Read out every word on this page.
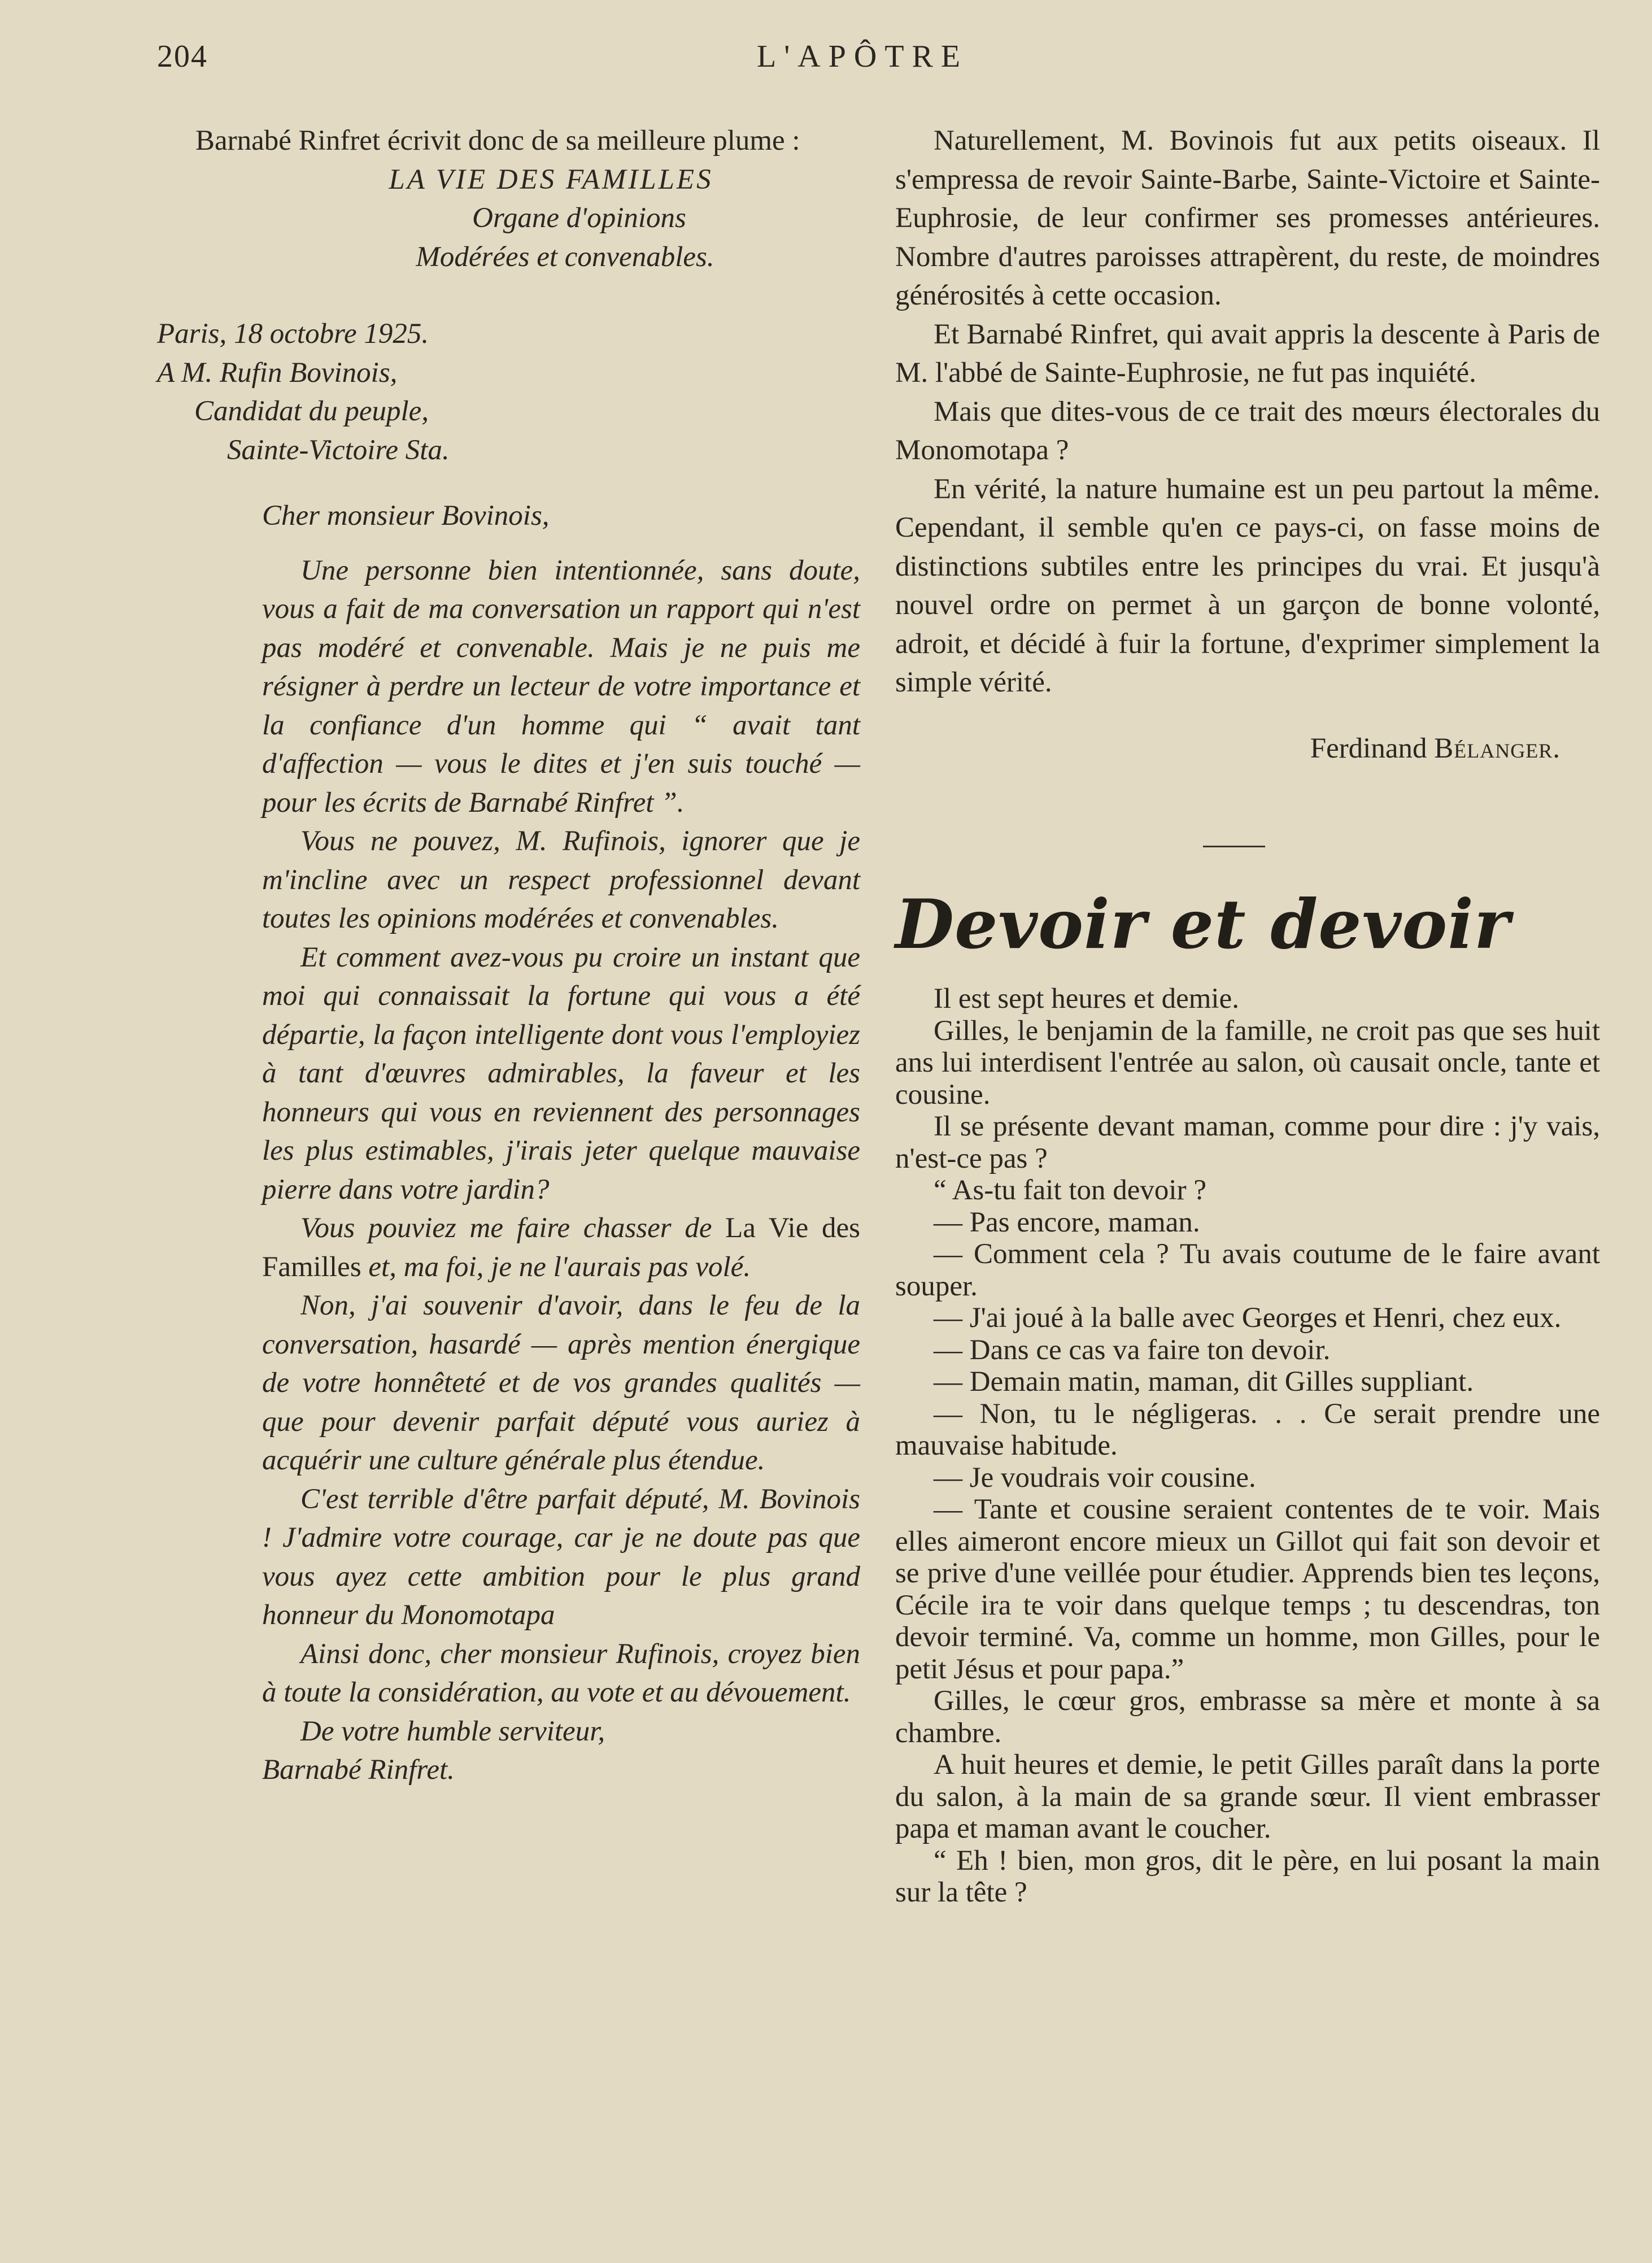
204	L'APÔTRE

Barnabé Rinfret écrivit donc de sa meilleure plume :

LA VIE DES FAMILLES

Organe d'opinions

Modérées et convenables.

Paris, 18 octobre 1925.

A M. Rufin Bovinois,

Candidat du peuple,

Sainte-Victoire Sta.

Cher monsieur Bovinois,

Une personne bien intentionnée, sans doute, vous a fait de ma conversation un rapport qui n'est pas modéré et convenable. Mais je ne puis me résigner à perdre un lecteur de votre importance et la confiance d'un homme qui “ avait tant d'affection — vous le dites et j'en suis touché — pour les écrits de Barnabé Rinfret ”.

Vous ne pouvez, M. Rufinois, ignorer que je m'incline avec un respect professionnel devant toutes les opinions modérées et convenables.

Et comment avez-vous pu croire un instant que moi qui connaissait la fortune qui vous a été départie, la façon intelligente dont vous l'employiez à tant d'œuvres admirables, la faveur et les honneurs qui vous en reviennent des personnages les plus estimables, j'irais jeter quelque mauvaise pierre dans votre jardin?

Vous pouviez me faire chasser de La Vie des Familles et, ma foi, je ne l'aurais pas volé.

Non, j'ai souvenir d'avoir, dans le feu de la conversation, hasardé — après mention énergique de votre honnêteté et de vos grandes qualités — que pour devenir parfait député vous auriez à acquérir une culture générale plus étendue.

C'est terrible d'être parfait député, M. Bovinois ! J'admire votre courage, car je ne doute pas que vous ayez cette ambition pour le plus grand honneur du Monomotapa

Ainsi donc, cher monsieur Rufinois, croyez bien à toute la considération, au vote et au dévouement.

De votre humble serviteur,

Barnabé Rinfret.

Naturellement, M. Bovinois fut aux petits oiseaux. Il s'empressa de revoir Sainte-Barbe, Sainte-Victoire et Sainte-Euphrosie, de leur confirmer ses promesses antérieures. Nombre d'autres paroisses attrapèrent, du reste, de moindres générosités à cette occasion.

Et Barnabé Rinfret, qui avait appris la descente à Paris de M. l'abbé de Sainte-Euphrosie, ne fut pas inquiété.

Mais que dites-vous de ce trait des mœurs électorales du Monomotapa ?

En vérité, la nature humaine est un peu partout la même. Cependant, il semble qu'en ce pays-ci, on fasse moins de distinctions subtiles entre les principes du vrai. Et jusqu'à nouvel ordre on permet à un garçon de bonne volonté, adroit, et décidé à fuir la fortune, d'exprimer simplement la simple vérité.

Ferdinand Bélanger.

Devoir et devoir

Il est sept heures et demie.

Gilles, le benjamin de la famille, ne croit pas que ses huit ans lui interdisent l'entrée au salon, où causait oncle, tante et cousine.

Il se présente devant maman, comme pour dire : j'y vais, n'est-ce pas ?

“ As-tu fait ton devoir ?

— Pas encore, maman.

— Comment cela ? Tu avais coutume de le faire avant souper.

— J'ai joué à la balle avec Georges et Henri, chez eux.

— Dans ce cas va faire ton devoir.

— Demain matin, maman, dit Gilles suppliant.

— Non, tu le négligeras. . . Ce serait prendre une mauvaise habitude.

— Je voudrais voir cousine.

— Tante et cousine seraient contentes de te voir. Mais elles aimeront encore mieux un Gillot qui fait son devoir et se prive d'une veillée pour étudier. Apprends bien tes leçons, Cécile ira te voir dans quelque temps ; tu descendras, ton devoir terminé. Va, comme un homme, mon Gilles, pour le petit Jésus et pour papa.”

Gilles, le cœur gros, embrasse sa mère et monte à sa chambre.

A huit heures et demie, le petit Gilles paraît dans la porte du salon, à la main de sa grande sœur. Il vient embrasser papa et maman avant le coucher.

“ Eh ! bien, mon gros, dit le père, en lui posant la main sur la tête ?
